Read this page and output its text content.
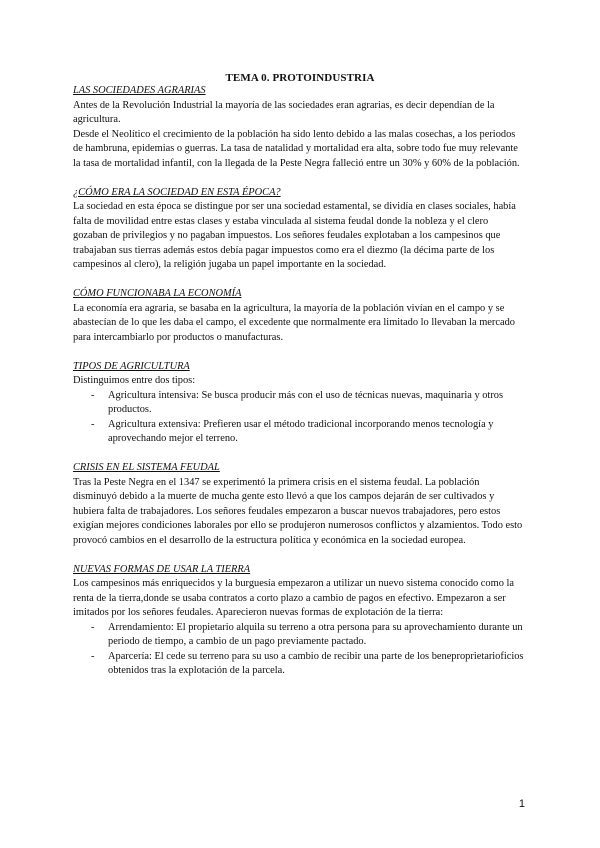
TEMA 0. PROTOINDUSTRIA
LAS SOCIEDADES AGRARIAS

Antes de la Revolución Industrial la mayoría de las sociedades eran agrarias, es decir dependían de la agricultura.

Desde el Neolítico el crecimiento de la población ha sido lento debido a las malas cosechas, a los periodos de hambruna, epidemias o guerras. La tasa de natalidad y mortalidad era alta, sobre todo fue muy relevante la tasa de mortalidad infantil, con la llegada de la Peste Negra falleció entre un 30% y 60% de la población.

¿CÓMO ERA LA SOCIEDAD EN ESTA ÉPOCA?

La sociedad en esta época se distingue por ser una sociedad estamental, se dividía en clases sociales, había falta de movilidad entre estas clases y estaba vinculada al sistema feudal donde la nobleza y el clero gozaban de privilegios y no pagaban impuestos. Los señores feudales explotaban a los campesinos que trabajaban sus tierras además estos debía pagar impuestos como era el diezmo (la décima parte de los campesinos al clero), la religión jugaba un papel importante en la sociedad.

CÓMO FUNCIONABA LA ECONOMÍA

La economía era agraria, se basaba en la agricultura, la mayoría de la población vivían en el campo y se abastecían de lo que les daba el campo, el excedente que normalmente era limitado lo llevaban la mercado para intercambiarlo por productos o manufacturas.

TIPOS DE AGRICULTURA

Distinguimos entre dos tipos:

- Agricultura intensiva: Se busca producir más con el uso de técnicas nuevas, maquinaria y otros productos.
- Agricultura extensiva: Prefieren usar el método tradicional incorporando menos tecnología y aprovechando mejor el terreno.
CRISIS EN EL SISTEMA FEUDAL

Tras la Peste Negra en el 1347 se experimentó la primera crisis en el sistema feudal. La población disminuyó debido a la muerte de mucha gente esto llevó a que los campos dejarán de ser cultivados y hubiera falta de trabajadores. Los señores feudales empezaron a buscar nuevos trabajadores, pero estos exigían mejores condiciones laborales por ello se produjeron numerosos conflictos y alzamientos. Todo esto provocó cambios en el desarrollo de la estructura política y económica en la sociedad europea.

NUEVAS FORMAS DE USAR LA TIERRA

Los campesinos más enriquecidos y la burguesía empezaron a utilizar un nuevo sistema conocido como la renta de la tierra,donde se usaba contratos a corto plazo a cambio de pagos en efectivo. Empezaron a ser imitados por los señores feudales. Aparecieron nuevas formas de explotación de la tierra:

- Arrendamiento: El propietario alquila su terreno a otra persona para su aprovechamiento durante un periodo de tiempo, a cambio de un pago previamente pactado.
- Aparcería: El cede su terreno para su uso a cambio de recibir una parte de los beneproprietarioficios obtenidos tras la explotación de la parcela.
1
